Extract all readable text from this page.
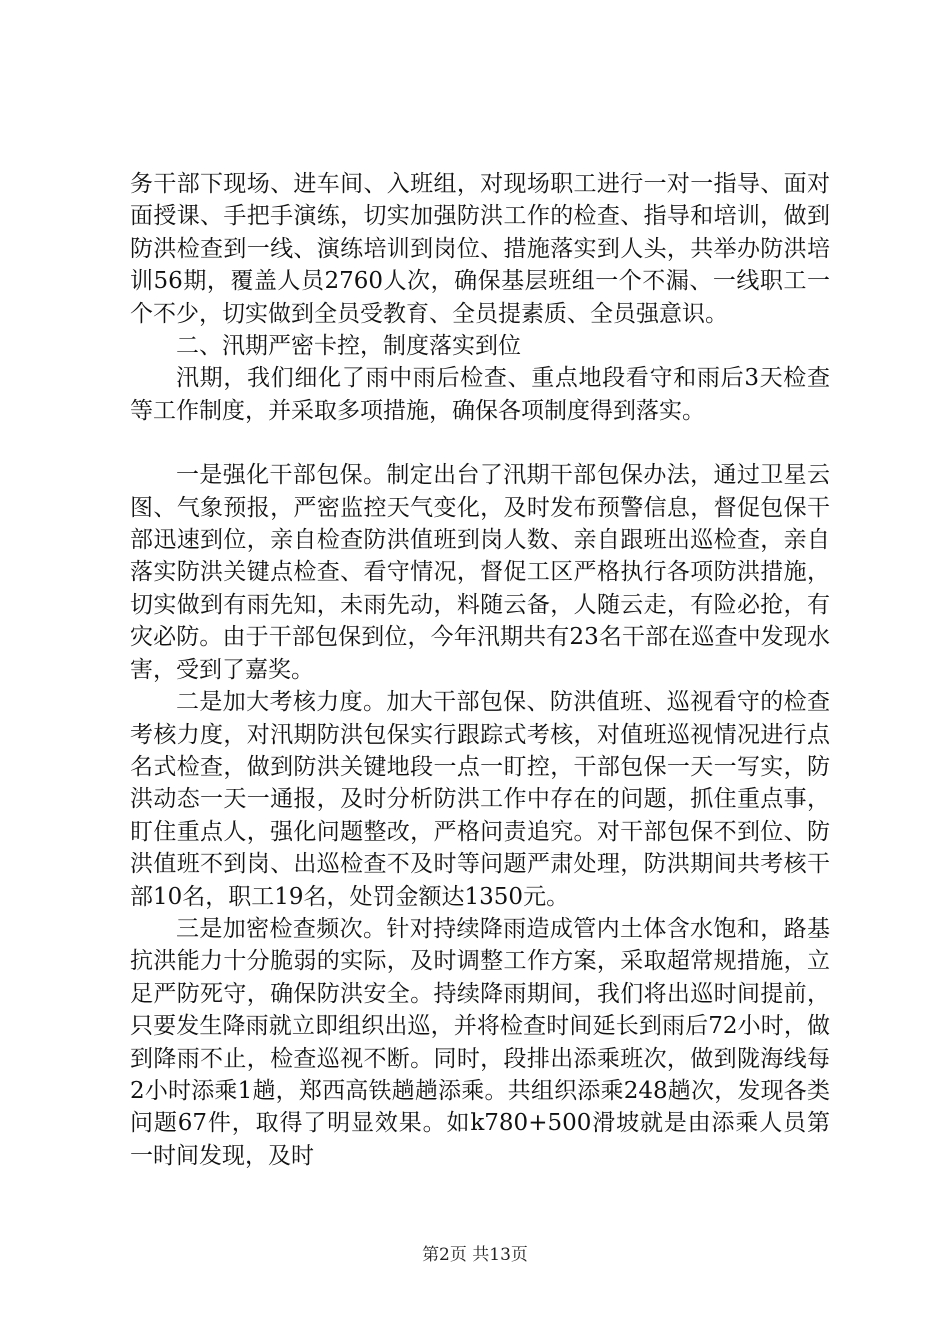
务干部下现场、进车间、入班组，对现场职工进行一对一指导、面对面授课、手把手演练，切实加强防洪工作的检查、指导和培训，做到防洪检查到一线、演练培训到岗位、措施落实到人头，共举办防洪培训56期，覆盖人员2760人次，确保基层班组一个不漏、一线职工一个不少，切实做到全员受教育、全员提素质、全员强意识。

二、汛期严密卡控，制度落实到位

汛期，我们细化了雨中雨后检查、重点地段看守和雨后3天检查等工作制度，并采取多项措施，确保各项制度得到落实。

一是强化干部包保。制定出台了汛期干部包保办法，通过卫星云图、气象预报，严密监控天气变化，及时发布预警信息，督促包保干部迅速到位，亲自检查防洪值班到岗人数、亲自跟班出巡检查，亲自落实防洪关键点检查、看守情况，督促工区严格执行各项防洪措施，切实做到有雨先知，未雨先动，料随云备，人随云走，有险必抢，有灾必防。由于干部包保到位，今年汛期共有23名干部在巡查中发现水害，受到了嘉奖。

二是加大考核力度。加大干部包保、防洪值班、巡视看守的检查考核力度，对汛期防洪包保实行跟踪式考核，对值班巡视情况进行点名式检查，做到防洪关键地段一点一盯控，干部包保一天一写实，防洪动态一天一通报，及时分析防洪工作中存在的问题，抓住重点事，盯住重点人，强化问题整改，严格问责追究。对干部包保不到位、防洪值班不到岗、出巡检查不及时等问题严肃处理，防洪期间共考核干部10名，职工19名，处罚金额达1350元。

三是加密检查频次。针对持续降雨造成管内土体含水饱和，路基抗洪能力十分脆弱的实际，及时调整工作方案，采取超常规措施，立足严防死守，确保防洪安全。持续降雨期间，我们将出巡时间提前，只要发生降雨就立即组织出巡，并将检查时间延长到雨后72小时，做到降雨不止，检查巡视不断。同时，段排出添乘班次，做到陇海线每2小时添乘1趟，郑西高铁趟趟添乘。共组织添乘248趟次，发现各类问题67件，取得了明显效果。如k780+500滑坡就是由添乘人员第一时间发现，及时

第2页 共13页
